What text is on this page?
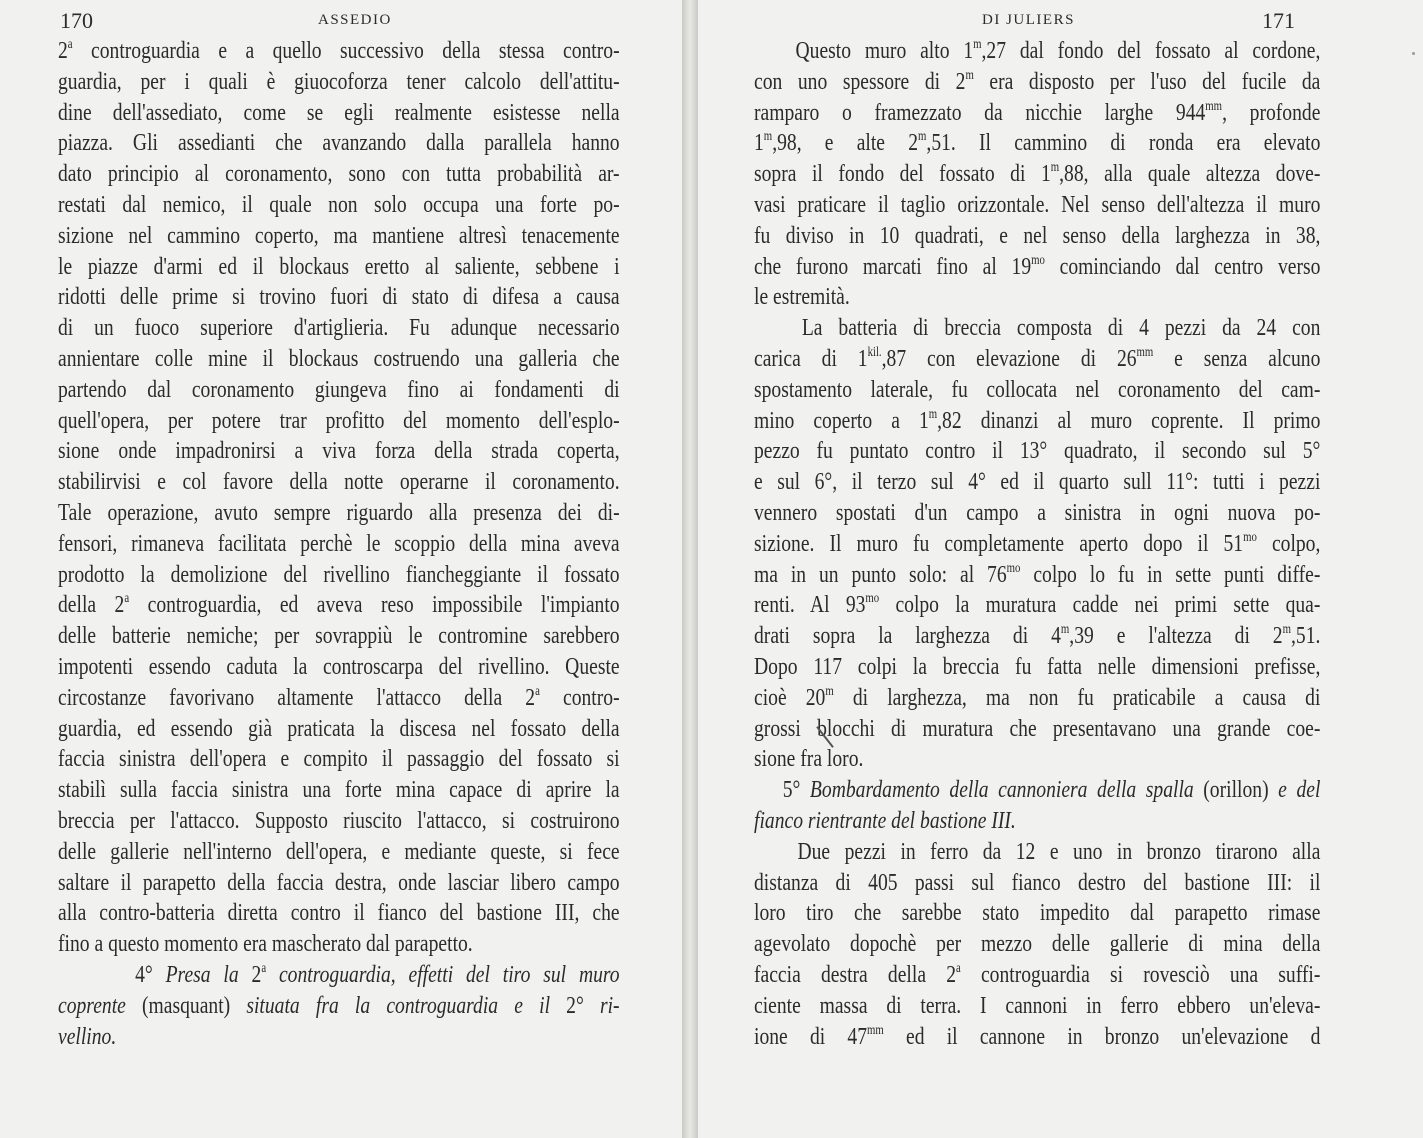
170	ASSEDIO
2$^a$ controguardia e a quello successivo della stessa contro-
guardia, per i quali è giuocoforza tener calcolo dell'attitu-
dine dell'assediato, come se egli realmente esistesse nella
piazza. Gli assedianti che avanzando dalla parallela hanno
dato principio al coronamento, sono con tutta probabilità ar-
restati dal nemico, il quale non solo occupa una forte po-
sizione nel cammino coperto, ma mantiene altresì tenacemente
le piazze d'armi ed il blockaus eretto al saliente, sebbene i
ridotti delle prime si trovino fuori di stato di difesa a causa
di un fuoco superiore d'artiglieria. Fu adunque necessario
annientare colle mine il blockaus costruendo una galleria che
partendo dal coronamento giungeva fino ai fondamenti di
quell'opera, per potere trar profitto del momento dell'esplo-
sione onde impadronirsi a viva forza della strada coperta,
stabilirvisi e col favore della notte operarne il coronamento.
Tale operazione, avuto sempre riguardo alla presenza dei di-
fensori, rimaneva facilitata perchè le scoppio della mina aveva
prodotto la demolizione del rivellino fiancheggiante il fossato
della 2$^a$ controguardia, ed aveva reso impossibile l'impianto
delle batterie nemiche; per sovrappiù le contromine sarebbero
impotenti essendo caduta la controscarpa del rivellino. Queste
circostanze favorivano altamente l'attacco della 2$^a$ contro-
guardia, ed essendo già praticata la discesa nel fossato della
faccia sinistra dell'opera e compito il passaggio del fossato si
stabilì sulla faccia sinistra una forte mina capace di aprire la
breccia per l'attacco. Supposto riuscito l'attacco, si costruirono
delle gallerie nell'interno dell'opera, e mediante queste, si fece
saltare il parapetto della faccia destra, onde lasciar libero campo
alla contro-batteria diretta contro il fianco del bastione III, che
fino a questo momento era mascherato dal parapetto.
4° Presa la 2$^a$ controguardia, effetti del tiro sul muro
coprente (masquant) situata fra la controguardia e il 2° ri-
vellino.
DI JULIERS	171
Questo muro alto 1$^m$,27 dal fondo del fossato al cordone,
con uno spessore di 2$^m$ era disposto per l'uso del fucile da
ramparo o framezzato da nicchie larghe $944^{mm}$, profonde
1$^m$,98, e alte 2$^m$,51. Il cammino di ronda era elevato
sopra il fondo del fossato di 1$^m$,88, alla quale altezza dove-
vasi praticare il taglio orizzontale. Nel senso dell'altezza il muro
fu diviso in 10 quadrati, e nel senso della larghezza in 38,
che furono marcati fino al $19^{mo}$ cominciando dal centro verso
le estremità.
La batteria di breccia composta di 4 pezzi da 24 con
carica di $1^{kil.},87$ con elevazione di $26^{mm}$ e senza alcuno
spostamento laterale, fu collocata nel coronamento del cam-
mino coperto a 1$^m$,82 dinanzi al muro coprente. Il primo
pezzo fu puntato contro il 13° quadrato, il secondo sul 5°
e sul 6°, il terzo sul 4° ed il quarto sull 11°: tutti i pezzi
vennero spostati d'un campo a sinistra in ogni nuova po-
sizione. Il muro fu completamente aperto dopo il $51^{mo}$ colpo,
ma in un punto solo: al $76^{mo}$ colpo lo fu in sette punti diffe-
renti. Al $93^{mo}$ colpo la muratura cadde nei primi sette qua-
drati sopra la larghezza di 4$^m$,39 e l'altezza di 2$^m$,51.
Dopo 117 colpi la breccia fu fatta nelle dimensioni prefisse,
cioè 20$^m$ di larghezza, ma non fu praticabile a causa di
grossi blocchi di muratura che presentavano una grande coe-
sione fra loro.
5° Bombardamento della cannoniera della spalla (orillon) e del
fianco rientrante del bastione III.
Due pezzi in ferro da 12 e uno in bronzo tirarono alla
distanza di 405 passi sul fianco destro del bastione III: il
loro tiro che sarebbe stato impedito dal parapetto rimase
agevolato dopochè per mezzo delle gallerie di mina della
faccia destra della 2$^a$ controguardia si rovesciò una suffi-
ciente massa di terra. I cannoni in ferro ebbero un'eleva-
ione di $47^{mm}$ ed il cannone in bronzo un'elevazione d
